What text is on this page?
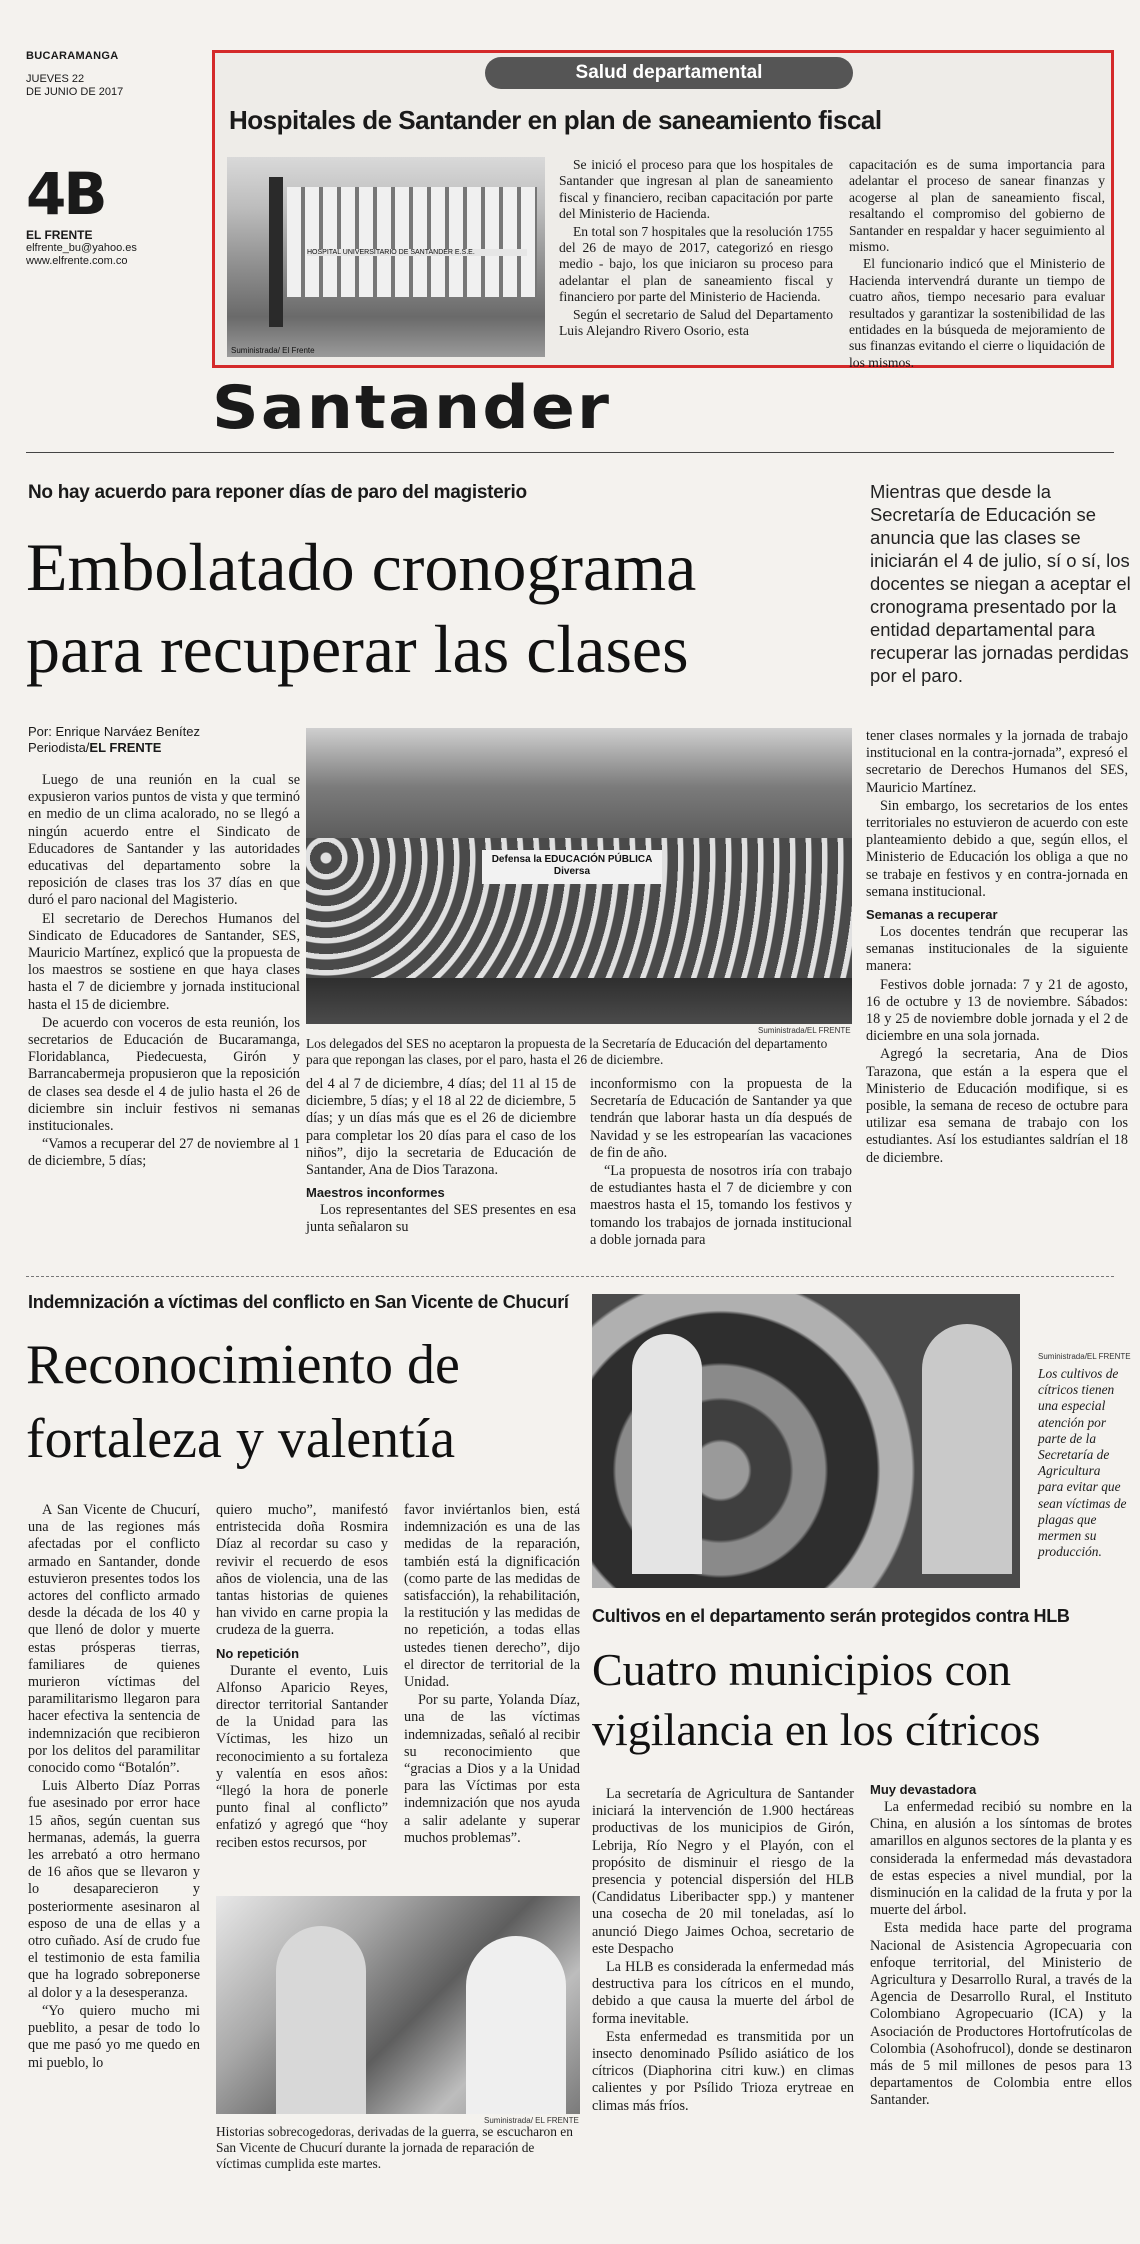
BUCARAMANGA
JUEVES 22
DE JUNIO DE 2017
4B
EL FRENTE
elfrente_bu@yahoo.es
www.elfrente.com.co
Salud departamental
Hospitales de Santander en plan de saneamiento fiscal
HOSPITAL UNIVERSITARIO DE SANTANDER E.S.E.
Suministrada/ El Frente

Se inició el proceso para que los hospitales de Santander que ingresan al plan de saneamiento fiscal y financiero, reciban capacitación por parte del Ministerio de Hacienda.

En total son 7 hospitales que la resolución 1755 del 26 de mayo de 2017, categorizó en riesgo medio - bajo, los que iniciaron su proceso para adelantar el plan de saneamiento fiscal y financiero por parte del Ministerio de Hacienda.

Según el secretario de Salud del Departamento Luis Alejandro Rivero Osorio, esta

capacitación es de suma importancia para adelantar el proceso de sanear finanzas y acogerse al plan de saneamiento fiscal, resaltando el compromiso del gobierno de Santander en respaldar y hacer seguimiento al mismo.

El funcionario indicó que el Ministerio de Hacienda intervendrá durante un tiempo de cuatro años, tiempo necesario para evaluar resultados y garantizar la sostenibilidad de las entidades en la búsqueda de mejoramiento de sus finanzas evitando el cierre o liquidación de los mismos.

Santander
No hay acuerdo para reponer días de paro del magisterio
Embolatado cronograma
para recuperar las clases
Mientras que desde la Secretaría de Educación se anuncia que las clases se iniciarán el 4 de julio, sí o sí, los docentes se niegan a aceptar el cronograma presentado por la entidad departamental para recuperar las jornadas perdidas por el paro.
Por: Enrique Narváez Benítez
Periodista/EL FRENTE

Luego de una reunión en la cual se expusieron varios puntos de vista y que terminó en medio de un clima acalorado, no se llegó a ningún acuerdo entre el Sindicato de Educadores de Santander y las autoridades educativas del departamento sobre la reposición de clases tras los 37 días en que duró el paro nacional del Magisterio.

El secretario de Derechos Humanos del Sindicato de Educadores de Santander, SES, Mauricio Martínez, explicó que la propuesta de los maestros se sostiene en que haya clases hasta el 7 de diciembre y jornada institucional hasta el 15 de diciembre.

De acuerdo con voceros de esta reunión, los secretarios de Educación de Bucaramanga, Floridablanca, Piedecuesta, Girón y Barrancabermeja propusieron que la reposición de clases sea desde el 4 de julio hasta el 26 de diciembre sin incluir festivos ni semanas institucionales.

“Vamos a recuperar del 27 de noviembre al 1 de diciembre, 5 días;

Defensa la EDUCACIÓN PÚBLICA Diversa
Suministrada/EL FRENTE
Los delegados del SES no aceptaron la propuesta de la Secretaría de Educación del departamento para que repongan las clases, por el paro, hasta el 26 de diciembre.

del 4 al 7 de diciembre, 4 días; del 11 al 15 de diciembre, 5 días; y el 18 al 22 de diciembre, 5 días; y un días más que es el 26 de diciembre para completar los 20 días para el caso de los niños”, dijo la secretaria de Educación de Santander, Ana de Dios Tarazona.

Maestros inconformes

Los representantes del SES presentes en esa junta señalaron su

inconformismo con la propuesta de la Secretaría de Educación de Santander ya que tendrán que laborar hasta un día después de Navidad y se les estropearían las vacaciones de fin de año.

“La propuesta de nosotros iría con trabajo de estudiantes hasta el 7 de diciembre y con maestros hasta el 15, tomando los festivos y tomando los trabajos de jornada institucional a doble jornada para

tener clases normales y la jornada de trabajo institucional en la contra-jornada”, expresó el secretario de Derechos Humanos del SES, Mauricio Martínez.

Sin embargo, los secretarios de los entes territoriales no estuvieron de acuerdo con este planteamiento debido a que, según ellos, el Ministerio de Educación los obliga a que no se trabaje en festivos y en contra-jornada en semana institucional.

Semanas a recuperar

Los docentes tendrán que recuperar las semanas institucionales de la siguiente manera:

Festivos doble jornada: 7 y 21 de agosto, 16 de octubre y 13 de noviembre. Sábados: 18 y 25 de noviembre doble jornada y el 2 de diciembre en una sola jornada.

Agregó la secretaria, Ana de Dios Tarazona, que están a la espera que el Ministerio de Educación modifique, si es posible, la semana de receso de octubre para utilizar esa semana de trabajo con los estudiantes. Así los estudiantes saldrían el 18 de diciembre.

Indemnización a víctimas del conflicto en San Vicente de Chucurí
Reconocimiento de
fortaleza y valentía

A San Vicente de Chucurí, una de las regiones más afectadas por el conflicto armado en Santander, donde estuvieron presentes todos los actores del conflicto armado desde la década de los 40 y que llenó de dolor y muerte estas prósperas tierras, familiares de quienes murieron víctimas del paramilitarismo llegaron para hacer efectiva la sentencia de indemnización que recibieron por los delitos del paramilitar conocido como “Botalón”.

Luis Alberto Díaz Porras fue asesinado por error hace 15 años, según cuentan sus hermanas, además, la guerra les arrebató a otro hermano de 16 años que se llevaron y lo desaparecieron y posteriormente asesinaron al esposo de una de ellas y a otro cuñado. Así de crudo fue el testimonio de esta familia que ha logrado sobreponerse al dolor y a la desesperanza.

“Yo quiero mucho mi pueblito, a pesar de todo lo que me pasó yo me quedo en mi pueblo, lo

quiero mucho”, manifestó entristecida doña Rosmira Díaz al recordar su caso y revivir el recuerdo de esos años de violencia, una de las tantas historias de quienes han vivido en carne propia la crudeza de la guerra.

No repetición

Durante el evento, Luis Alfonso Aparicio Reyes, director territorial Santander de la Unidad para las Víctimas, les hizo un reconocimiento a su fortaleza y valentía en esos años: “llegó la hora de ponerle punto final al conflicto” enfatizó y agregó que “hoy reciben estos recursos, por

favor inviértanlos bien, está indemnización es una de las medidas de la reparación, también está la dignificación (como parte de las medidas de satisfacción), la rehabilitación, la restitución y las medidas de no repetición, a todas ellas ustedes tienen derecho”, dijo el director de territorial de la Unidad.

Por su parte, Yolanda Díaz, una de las víctimas indemnizadas, señaló al recibir su reconocimiento que “gracias a Dios y a la Unidad para las Víctimas por esta indemnización que nos ayuda a salir adelante y superar muchos problemas”.

Suministrada/ EL FRENTE
Historias sobrecogedoras, derivadas de la guerra, se escucharon en San Vicente de Chucurí durante la jornada de reparación de víctimas cumplida este martes.
Suministrada/EL FRENTE
Los cultivos de cítricos tienen una especial atención por parte de la Secretaría de Agricultura para evitar que sean víctimas de plagas que mermen su producción.
Cultivos en el departamento serán protegidos contra HLB
Cuatro municipios con
vigilancia en los cítricos

La secretaría de Agricultura de Santander iniciará la intervención de 1.900 hectáreas productivas de los municipios de Girón, Lebrija, Río Negro y el Playón, con el propósito de disminuir el riesgo de la presencia y potencial dispersión del HLB (Candidatus Liberibacter spp.) y mantener una cosecha de 20 mil toneladas, así lo anunció Diego Jaimes Ochoa, secretario de este Despacho

La HLB es considerada la enfermedad más destructiva para los cítricos en el mundo, debido a que causa la muerte del árbol de forma inevitable.

Esta enfermedad es transmitida por un insecto denominado Psílido asiático de los cítricos (Diaphorina citri kuw.) en climas calientes y por Psílido Trioza erytreae en climas más fríos.

Muy devastadora

La enfermedad recibió su nombre en la China, en alusión a los síntomas de brotes amarillos en algunos sectores de la planta y es considerada la enfermedad más devastadora de estas especies a nivel mundial, por la disminución en la calidad de la fruta y por la muerte del árbol.

Esta medida hace parte del programa Nacional de Asistencia Agropecuaria con enfoque territorial, del Ministerio de Agricultura y Desarrollo Rural, a través de la Agencia de Desarrollo Rural, el Instituto Colombiano Agropecuario (ICA) y la Asociación de Productores Hortofrutícolas de Colombia (Asohofrucol), donde se destinaron más de 5 mil millones de pesos para 13 departamentos de Colombia entre ellos Santander.
